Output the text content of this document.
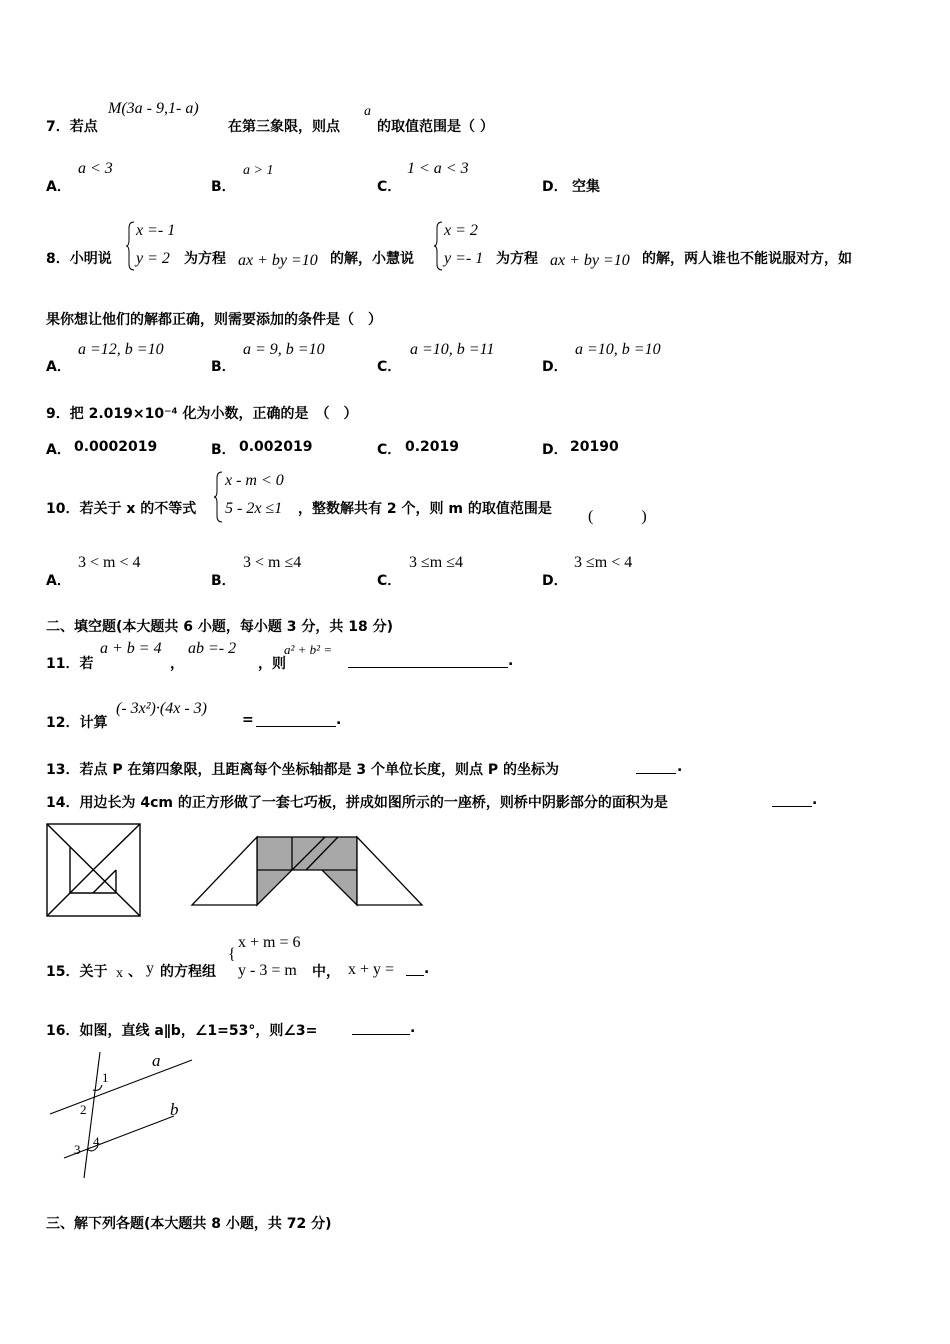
7．若点
M(3a - 9,1- a)
在第三象限，则点
a
的取值范围是（ ）
A．
a < 3
B．
a > 1
C．
1 < a < 3
D． 空集
8．小明说
x =- 1
y = 2 为方程 ax + by =10 的解，小慧说
x = 2
y =- 1 为方程 ax + by =10 的解，两人谁也不能说服对方，如
果你想让他们的解都正确，则需要添加的条件是（　）
A．
a =12, b =10
B．
a = 9, b =10
C．
a =10, b =11
D．
a =10, b =10
9．把 2.019×10⁻⁴ 化为小数，正确的是　（　）
A． 0.0002019	B． 0.002019	C． 0.2019	D． 20190
10．若关于 x 的不等式
x - m < 0
5 - 2x ≤1 ，整数解共有 2 个，则 m 的取值范围是 (　　　)
A．
3 < m < 4
B．
3 < m ≤4
C．
3 ≤m ≤4
D．
3 ≤m < 4
二、填空题(本大题共 6 小题，每小题 3 分，共 18 分)
11．若
a + b = 4
，
ab =- 2
，则
a² + b² =
.
12．计算
(- 3x²)·(4x - 3)
=	.
13．若点 P 在第四象限，且距离每个坐标轴都是 3 个单位长度，则点 P 的坐标为	.
14．用边长为 4cm 的正方形做了一套七巧板，拼成如图所示的一座桥，则桥中阴影部分的面积为是	.
15．关于 x 、 y 的方程组
{
x + m = 6
y - 3 = m 中， x + y = .
16．如图，直线 a∥b，∠1=53°，则∠3=	.
a
b
1
2
3
4
三、解下列各题(本大题共 8 小题，共 72 分)
